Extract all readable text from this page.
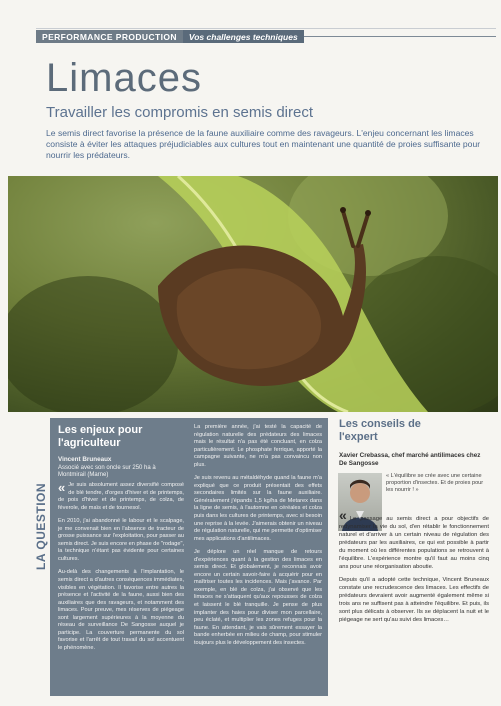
PERFORMANCE PRODUCTION	Vos challenges techniques
Limaces
Travailler les compromis en semis direct
Le semis direct favorise la présence de la faune auxiliaire comme des ravageurs. L'enjeu concernant les limaces consiste à éviter les attaques préjudiciables aux cultures tout en maintenant une quantité de proies suffisante pour nourrir les prédateurs.
LA QUESTION
Les enjeux pour l'agriculteur
Vincent Bruneaux
Associé avec son oncle sur 250 ha à Montmirail (Marne)

« Je suis absolument assez diversifié composé de blé tendre, d'orges d'hiver et de printemps, de pois d'hiver et de printemps, de colza, de féverole, de maïs et de tournesol.

En 2010, j'ai abandonné le labour et le scalpage, je me convenait bien en l'absence de tracteur de grosse puissance sur l'exploitation, pour passer au semis direct. Je suis encore en phase de "rodage", la technique n'étant pas évidente pour certaines cultures.

Au-delà des changements à l'implantation, le semis direct a d'autres conséquences immédiates, visibles en végétation. Il favorise entre autres la présence et l'activité de la faune, aussi bien des auxiliaires que des ravageurs, et notamment des limaces. Pour preuve, mes réserves de piégeage sont largement supérieures à la moyenne du réseau de surveillance De Sangosse auquel je participe. La couverture permanente du sol favorise et l'arrêt de tout travail du sol accentuent le phénomène.

La première année, j'ai testé la capacité de régulation naturelle des prédateurs des limaces mais le résultat n'a pas été concluant, en colza particulièrement. Le phosphate ferrique, apporté la campagne suivante, ne m'a pas convaincu non plus.

Je suis revenu au métaldéhyde quand la faune m'a expliqué que ce produit présentait des effets secondaires limités sur la faune auxiliaire. Généralement j'épands 1,5 kg/ha de Metarex dans la ligne de semis, à l'automne en céréales et colza puis dans les cultures de printemps, avec si besoin une reprise à la levée. J'aimerais obtenir un niveau de régulation naturelle, qui me permette d'optimiser mes applications d'antilimaces.

Je déplore un réel manque de retours d'expériences quant à la gestion des limaces en semis direct. Et globalement, je reconnais avoir encore un certain savoir-faire à acquérir pour en maîtriser toutes les incidences. Mais j'avance. Par exemple, en blé de colza, j'ai observé que les limaces ne s'attaquent qu'aux repousses de colza et laissent le blé tranquille. Je pense de plus implanter des haies pour diviser mon parcellaire, peu éclaté, et multiplier les zones refuges pour la faune. En attendant, je vais sûrement essayer la bande enherbée en milieu de champ, pour stimuler toujours plus le développement des insectes.

Les conseils de l'expert
Xavier Crebassa, chef marché antilimaces chez De Sangosse
« L'équilibre se crée avec une certaine proportion d'insectes. Et de proies pour les nourrir ! »

« Le passage au semis direct a pour objectifs de redynamiser la vie du sol, d'en rétablir le fonctionnement naturel et d'arriver à un certain niveau de régulation des prédateurs par les auxiliaires, ce qui est possible à partir du moment où les différentes populations se retrouvent à l'équilibre. L'expérience montre qu'il faut au moins cinq ans pour une réorganisation aboutie.

Depuis qu'il a adopté cette technique, Vincent Bruneaux constate une recrudescence des limaces. Les effectifs de prédateurs devraient avoir augmenté également même si trois ans ne suffisent pas à atteindre l'équilibre. Et puis, ils sont plus délicats à observer. Ils se déplacent la nuit et le piégeage ne sert qu'au suivi des limaces…
